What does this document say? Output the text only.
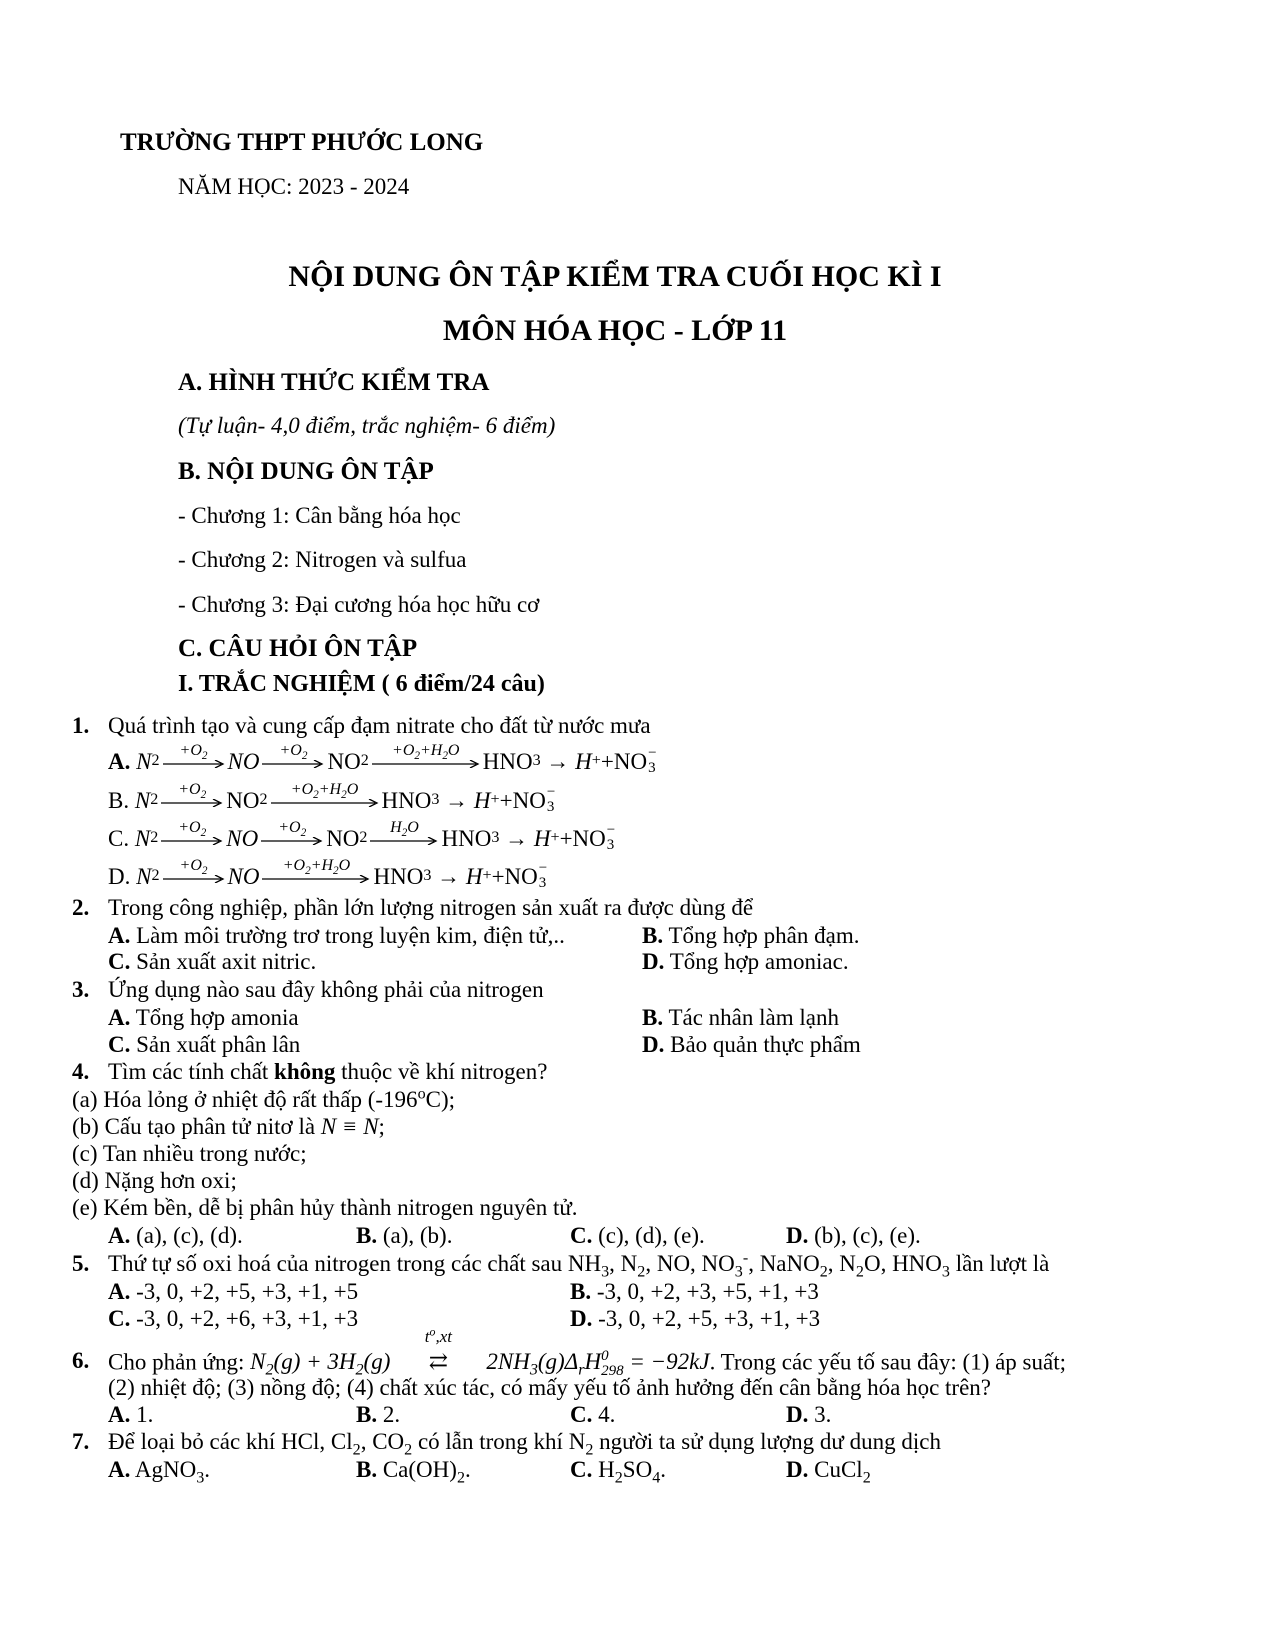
TRƯỜNG THPT PHƯỚC LONG
NĂM HỌC: 2023 - 2024
NỘI DUNG ÔN TẬP KIỂM TRA CUỐI HỌC KÌ I
MÔN HÓA HỌC - LỚP 11
A. HÌNH THỨC KIỂM TRA
(Tự luận- 4,0 điểm, trắc nghiệm- 6 điểm)
B. NỘI DUNG ÔN TẬP
- Chương 1: Cân bằng hóa học
- Chương 2: Nitrogen và sulfua
- Chương 3: Đại cương hóa học hữu cơ
C. CÂU HỎI ÔN TẬP
I. TRẮC NGHIỆM ( 6 điểm/24 câu)
1. Quá trình tạo và cung cấp đạm nitrate cho đất từ nước mưa
A.
N 2
$+O_2$ NO $+O_2$ NO 2
$+O_2+H_2O$ HNO 3
→
H + + NO −
3
B.
N 2
$+O_2$ NO 2
$+O_2+H_2O$ HNO 3
→
H + + NO −
3
C.
N 2
$+O_2$ NO $+O_2$ NO 2
$H_2O$ HNO 3
→
H + + NO −
3
D.
N 2
$+O_2$ NO $+O_2+H_2O$ HNO 3
→
H + + NO −
3
2. Trong công nghiệp, phần lớn lượng nitrogen sản xuất ra được dùng để
A. Làm môi trường trơ trong luyện kim, điện tử,..	B. Tổng hợp phân đạm.
C. Sản xuất axit nitric.	D. Tổng hợp amoniac.
3. Ứng dụng nào sau đây không phải của nitrogen
A. Tổng hợp amonia	B. Tác nhân làm lạnh
C. Sản xuất phân lân	D. Bảo quản thực phẩm
4. Tìm các tính chất không thuộc về khí nitrogen?
(a) Hóa lỏng ở nhiệt độ rất thấp (-196$^o$C);
(b) Cấu tạo phân tử nitơ là N ≡ N;
(c) Tan nhiều trong nước;
(d) Nặng hơn oxi;
(e) Kém bền, dễ bị phân hủy thành nitrogen nguyên tử.
A. (a), (c), (d).	B. (a), (b).	C. (c), (d), (e).	D. (b), (c), (e).
5. Thứ tự số oxi hoá của nitrogen trong các chất sau $NH_3$, $N_2$, NO, $NO_3^-$, NaNO$_2$, $N_2O$, $HNO_3$ lần lượt là
A. -3, 0, +2, +5, +3, +1, +5	B. -3, 0, +2, +3, +5, +1, +3
C. -3, 0, +2, +6, +3, +1, +3	D. -3, 0, +2, +5, +3, +1, +3
6. Cho phản ứng: $N_2(g) + 3H_2(g)$
$t^o,xt$
⇄ $2NH_3(g)\Delta_rH$ 0
298 = −92kJ. Trong các yếu tố sau đây: (1) áp suất;
(2) nhiệt độ; (3) nồng độ; (4) chất xúc tác, có mấy yếu tố ảnh hưởng đến cân bằng hóa học trên?
A. 1.	B. 2.	C. 4.	D. 3.
7. Để loại bỏ các khí HCl, $Cl_2$, $CO_2$ có lẫn trong khí $N_2$ người ta sử dụng lượng dư dung dịch
A. AgNO$_3$.	B. $Ca(OH)_2$.	C. $H_2SO_4$.	D. CuCl$_2$
